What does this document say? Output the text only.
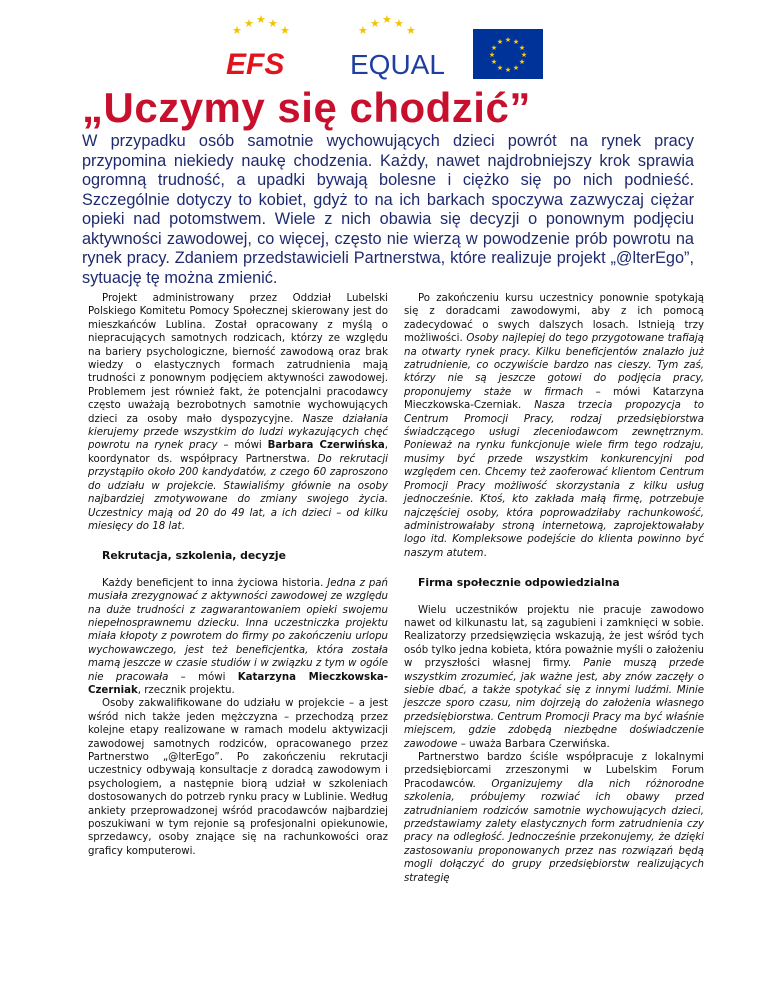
★
★ ★ ★
★
EFS
★
★ ★ ★
★
EQUAL
★ ★
★
★
★
★
★
★
★
★
★
★
„Uczymy się chodzić”

W przypadku osób samotnie wychowujących dzieci powrót na rynek pracy przypomina niekiedy naukę chodzenia. Każdy, nawet najdrobniejszy krok sprawia ogromną trudność, a upadki bywają bolesne i ciężko się po nich podnieść. Szczególnie dotyczy to kobiet, gdyż to na ich barkach spoczywa zazwyczaj ciężar opieki nad potomstwem. Wiele z nich obawia się decyzji o ponownym podjęciu aktywności zawodowej, co więcej, często nie wierzą w powodzenie prób powrotu na rynek pracy. Zdaniem przedstawicieli Partnerstwa, które realizuje projekt „@lterEgo”, sytuację tę można zmienić.

Projekt administrowany przez Oddział Lubelski Polskiego Komitetu Pomocy Społecznej skierowany jest do mieszkańców Lublina. Został opracowany z myślą o niepracujących samotnych rodzicach, którzy ze względu na bariery psychologiczne, bierność zawodową oraz brak wiedzy o elastycznych formach zatrudnienia mają trudności z ponownym podjęciem aktywności zawodowej. Problemem jest również fakt, że potencjalni pracodawcy często uważają bezrobotnych samotnie wychowujących dzieci za osoby mało dyspozycyjne. Nasze działania kierujemy przede wszystkim do ludzi wykazujących chęć powrotu na rynek pracy – mówi Barbara Czerwińska, koordynator ds. współpracy Partnerstwa. Do rekrutacji przystąpiło około 200 kandydatów, z czego 60 zaproszono do udziału w projekcie. Stawialiśmy głównie na osoby najbardziej zmotywowane do zmiany swojego życia. Uczestnicy mają od 20 do 49 lat, a ich dzieci – od kilku miesięcy do 18 lat.

Rekrutacja, szkolenia, decyzje

Każdy beneficjent to inna życiowa historia. Jedna z pań musiała zrezygnować z aktywności zawodowej ze względu na duże trudności z zagwarantowaniem opieki swojemu niepełnosprawnemu dziecku. Inna uczestniczka projektu miała kłopoty z powrotem do firmy po zakończeniu urlopu wychowawczego, jest też beneficjentka, która została mamą jeszcze w czasie studiów i w związku z tym w ogóle nie pracowała – mówi Katarzyna Mieczkowska-Czerniak, rzecznik projektu.

Osoby zakwalifikowane do udziału w projekcie – a jest wśród nich także jeden mężczyzna – przechodzą przez kolejne etapy realizowane w ramach modelu aktywizacji zawodowej samotnych rodziców, opracowanego przez Partnerstwo „@lterEgo”. Po zakończeniu rekrutacji uczestnicy odbywają konsultacje z doradcą zawodowym i psychologiem, a następnie biorą udział w szkoleniach dostosowanych do potrzeb rynku pracy w Lublinie. Według ankiety przeprowadzonej wśród pracodawców najbardziej poszukiwani w tym rejonie są profesjonalni opiekunowie, sprzedawcy, osoby znające się na rachunkowości oraz graficy komputerowi.

Po zakończeniu kursu uczestnicy ponownie spotykają się z doradcami zawodowymi, aby z ich pomocą zadecydować o swych dalszych losach. Istnieją trzy możliwości. Osoby najlepiej do tego przygotowane trafiają na otwarty rynek pracy. Kilku beneficjentów znalazło już zatrudnienie, co oczywiście bardzo nas cieszy. Tym zaś, którzy nie są jeszcze gotowi do podjęcia pracy, proponujemy staże w firmach – mówi Katarzyna Mieczkowska-Czerniak. Nasza trzecia propozycja to Centrum Promocji Pracy, rodzaj przedsiębiorstwa świadczącego usługi zleceniodawcom zewnętrznym. Ponieważ na rynku funkcjonuje wiele firm tego rodzaju, musimy być przede wszystkim konkurencyjni pod względem cen. Chcemy też zaoferować klientom Centrum Promocji Pracy możliwość skorzystania z kilku usług jednocześnie. Ktoś, kto zakłada małą firmę, potrzebuje najczęściej osoby, która poprowadziłaby rachunkowość, administrowałaby stroną internetową, zaprojektowałaby logo itd. Kompleksowe podejście do klienta powinno być naszym atutem.

Firma społecznie odpowiedzialna

Wielu uczestników projektu nie pracuje zawodowo nawet od kilkunastu lat, są zagubieni i zamknięci w sobie. Realizatorzy przedsięwzięcia wskazują, że jest wśród tych osób tylko jedna kobieta, która poważnie myśli o założeniu w przyszłości własnej firmy. Panie muszą przede wszystkim zrozumieć, jak ważne jest, aby znów zaczęły o siebie dbać, a także spotykać się z innymi ludźmi. Minie jeszcze sporo czasu, nim dojrzeją do założenia własnego przedsiębiorstwa. Centrum Promocji Pracy ma być właśnie miejscem, gdzie zdobędą niezbędne doświadczenie zawodowe – uważa Barbara Czerwińska.

Partnerstwo bardzo ściśle współpracuje z lokalnymi przedsiębiorcami zrzeszonymi w Lubelskim Forum Pracodawców. Organizujemy dla nich różnorodne szkolenia, próbujemy rozwiać ich obawy przed zatrudnianiem rodziców samotnie wychowujących dzieci, przedstawiamy zalety elastycznych form zatrudnienia czy pracy na odległość. Jednocześnie przekonujemy, że dzięki zastosowaniu proponowanych przez nas rozwiązań będą mogli dołączyć do grupy przedsiębiorstw realizujących strategię
